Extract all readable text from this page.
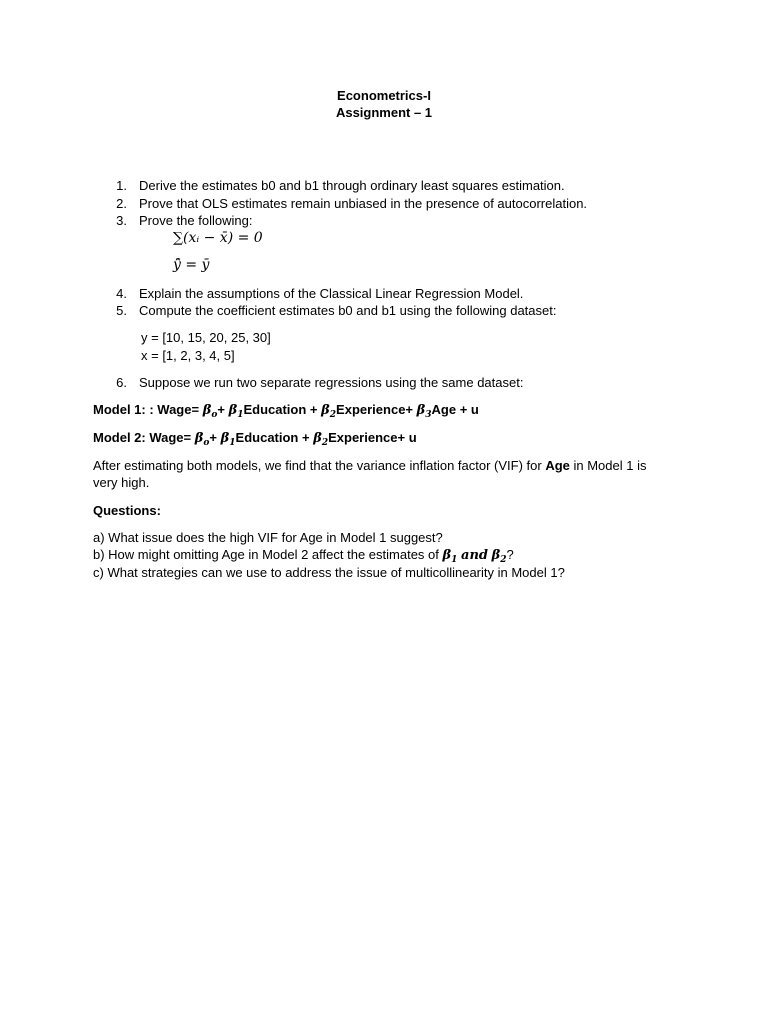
Econometrics-I
Assignment – 1
1. Derive the estimates b0 and b1 through ordinary least squares estimation.
2. Prove that OLS estimates remain unbiased in the presence of autocorrelation.
3. Prove the following:
∑(xᵢ − x̄) = 0
ȳ̂ = ȳ
4. Explain the assumptions of the Classical Linear Regression Model.
5. Compute the coefficient estimates b0 and b1 using the following dataset:
y = [10, 15, 20, 25, 30]
x = [1, 2, 3, 4, 5]
6. Suppose we run two separate regressions using the same dataset:
Model 1: : Wage= $\beta_o+$ $\beta_1Education$ + $\beta_2Experience+ \beta_3Age + u$
Model 2: Wage= $\beta_o+$ $\beta_1Education$ + $\beta_2Experience+ u$
After estimating both models, we find that the variance inflation factor (VIF) for Age in Model 1 is
very high.
Questions:
a) What issue does the high VIF for Age in Model 1 suggest?
b) How might omitting Age in Model 2 affect the estimates of $\beta_1$ and $\beta_2$?
c) What strategies can we use to address the issue of multicollinearity in Model 1?
